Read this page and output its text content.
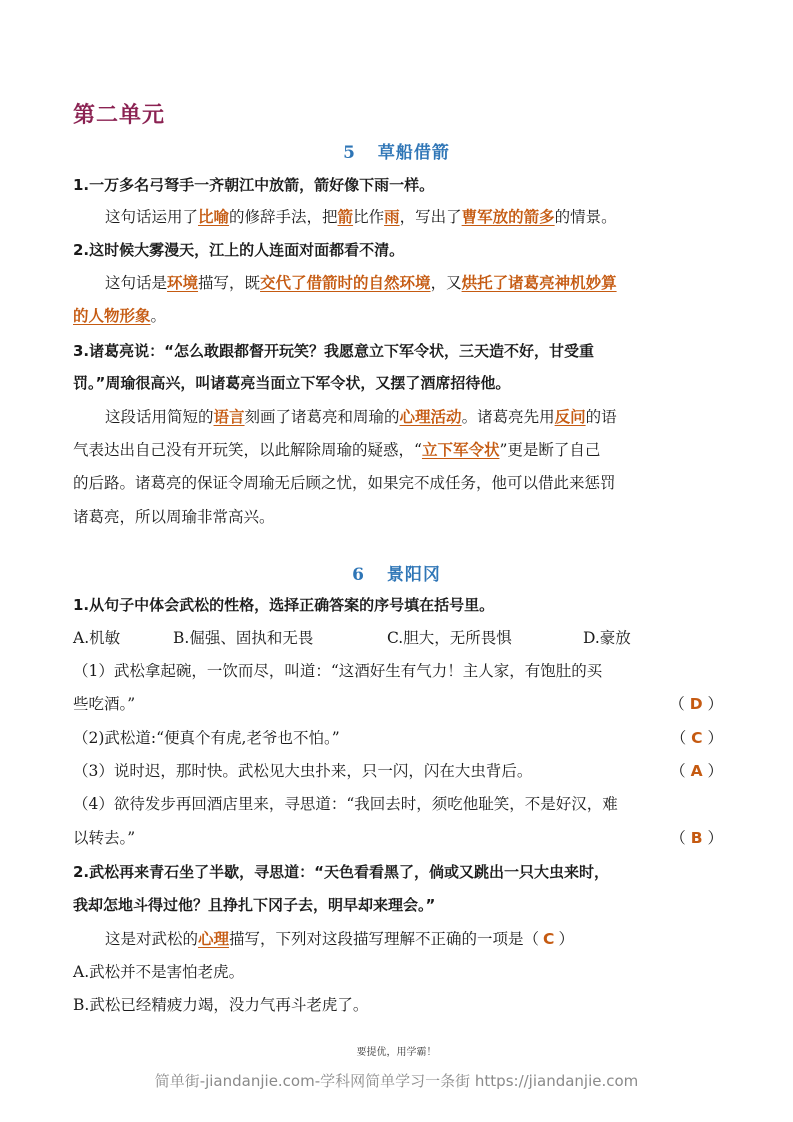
第二单元
5 草船借箭
1.一万多名弓弩手一齐朝江中放箭，箭好像下雨一样。
这句话运用了比喻的修辞手法，把箭比作雨，写出了曹军放的箭多的情景。
2.这时候大雾漫天，江上的人连面对面都看不清。
这句话是环境描写，既交代了借箭时的自然环境，又烘托了诸葛亮神机妙算
的人物形象。
3.诸葛亮说：“怎么敢跟都督开玩笑？我愿意立下军令状，三天造不好，甘受重
罚。”周瑜很高兴，叫诸葛亮当面立下军令状，又摆了酒席招待他。
这段话用简短的语言刻画了诸葛亮和周瑜的心理活动。诸葛亮先用反问的语
气表达出自己没有开玩笑，以此解除周瑜的疑惑，“立下军令状”更是断了自己
的后路。诸葛亮的保证令周瑜无后顾之忧，如果完不成任务，他可以借此来惩罚
诸葛亮，所以周瑜非常高兴。
6 景阳冈
1.从句子中体会武松的性格，选择正确答案的序号填在括号里。
A.机敏	B.倔强、固执和无畏	C.胆大，无所畏惧	D.豪放
（1）武松拿起碗，一饮而尽，叫道：“这酒好生有气力！主人家，有饱肚的买
些吃酒。”	（ D ）
（2)武松道:“便真个有虎,老爷也不怕。”	（ C ）
（3）说时迟，那时快。武松见大虫扑来，只一闪，闪在大虫背后。	（ A ）
（4）欲待发步再回酒店里来，寻思道：“我回去时，须吃他耻笑，不是好汉，难
以转去。”	（ B ）
2.武松再来青石坐了半歇，寻思道：“天色看看黑了，倘或又跳出一只大虫来时，
我却怎地斗得过他？且挣扎下冈子去，明早却来理会。”
这是对武松的心理描写，下列对这段描写理解不正确的一项是（ C ）
A.武松并不是害怕老虎。
B.武松已经精疲力竭，没力气再斗老虎了。
要提优，用学霸！
简单街-jiandanjie.com-学科网简单学习一条街 https://jiandanjie.com
